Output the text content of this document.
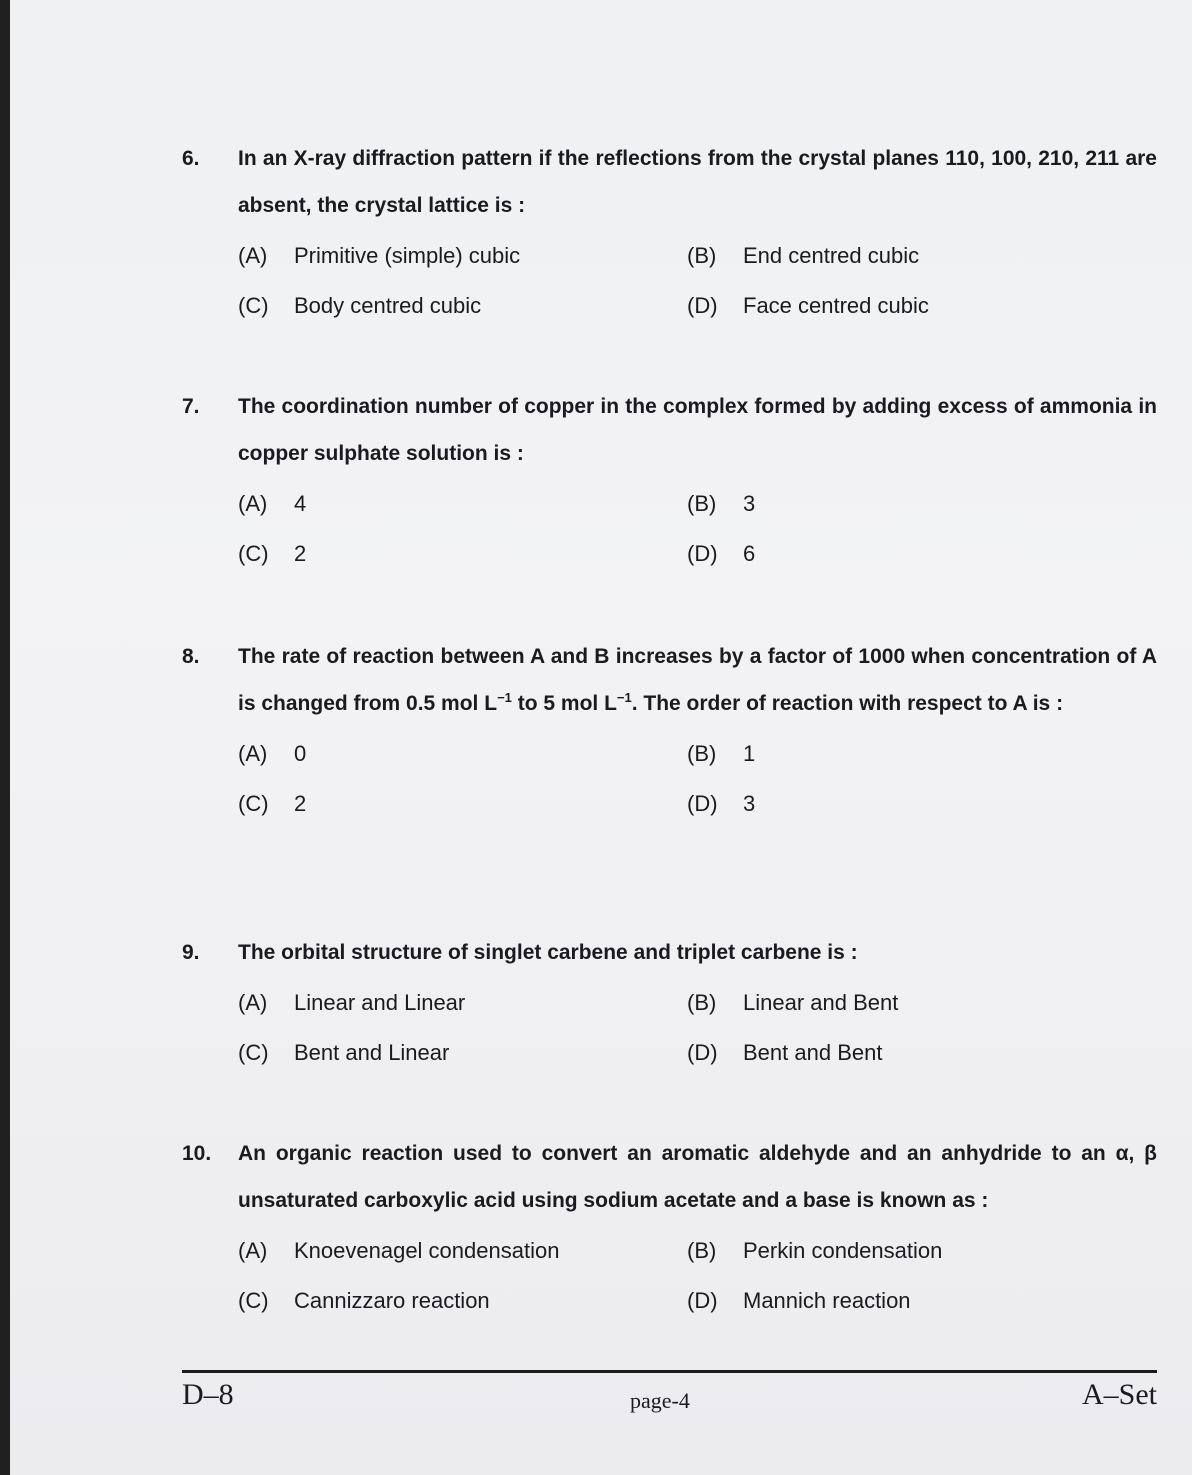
6.	In an X-ray diffraction pattern if the reflections from the crystal planes 110, 100, 210, 211 are absent, the crystal lattice is :
(A)	Primitive (simple) cubic	(B)	End centred cubic
(C)	Body centred cubic	(D)	Face centred cubic
7.	The coordination number of copper in the complex formed by adding excess of ammonia in copper sulphate solution is :
(A)	4	(B)	3
(C)	2	(D)	6
8.	The rate of reaction between A and B increases by a factor of 1000 when concentration of A is changed from 0.5 mol $L^{-1}$ to 5 mol $L^{-1}$. The order of reaction with respect to A is :
(A)	0	(B)	1
(C)	2	(D)	3
9.	The orbital structure of singlet carbene and triplet carbene is :
(A)	Linear and Linear	(B)	Linear and Bent
(C)	Bent and Linear	(D)	Bent and Bent
10.	An organic reaction used to convert an aromatic aldehyde and an anhydride to an α, β unsaturated carboxylic acid using sodium acetate and a base is known as :
(A)	Knoevenagel condensation	(B)	Perkin condensation
(C)	Cannizzaro reaction	(D)	Mannich reaction
D–8	page-4	A–Set
